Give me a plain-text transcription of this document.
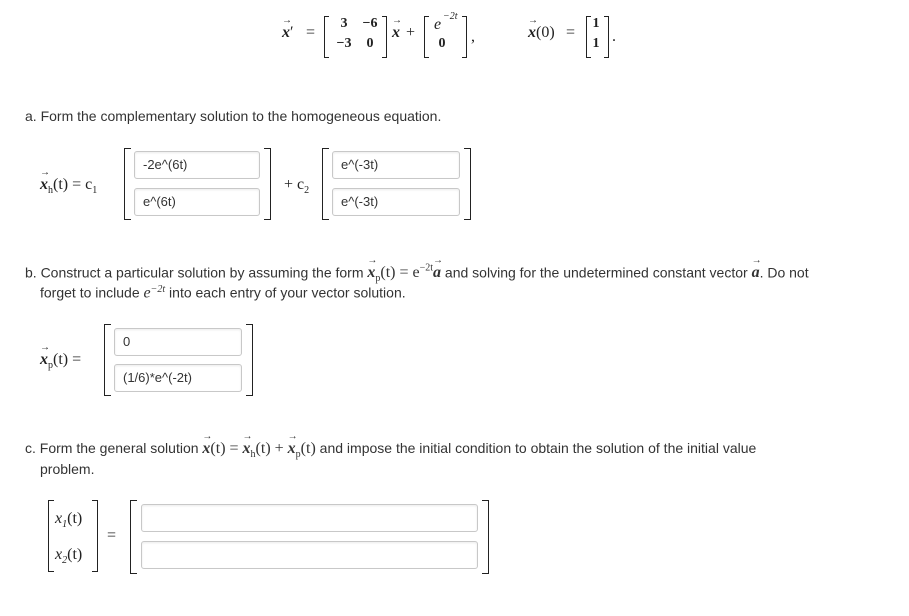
→ x′ =
3	−6
−3	0
→ x + e −2t
0	,
→	x(0) =
1
1 .
a. Form the complementary solution to the homogeneous equation.
→ $x_h(t) = c_1$
-2e^(6t)
e^(6t)
+ $c_2$
e^(-3t)
e^(-3t)
b. Construct a particular solution by assuming the form → $x_p(t) = e^{-2t}\to a$ and solving for the undetermined constant vector → a. Do not
forget to include $e^{-2t}$ into each entry of your vector solution.
→ $x_p(t)$ =
0
(1/6)*e^(-2t)
c. Form the general solution → x(t) = → $x_h(t)$ + → $x_p(t)$ and impose the initial condition to obtain the solution of the initial value
problem.
$x_1(t)$
$x_2(t)$
=
